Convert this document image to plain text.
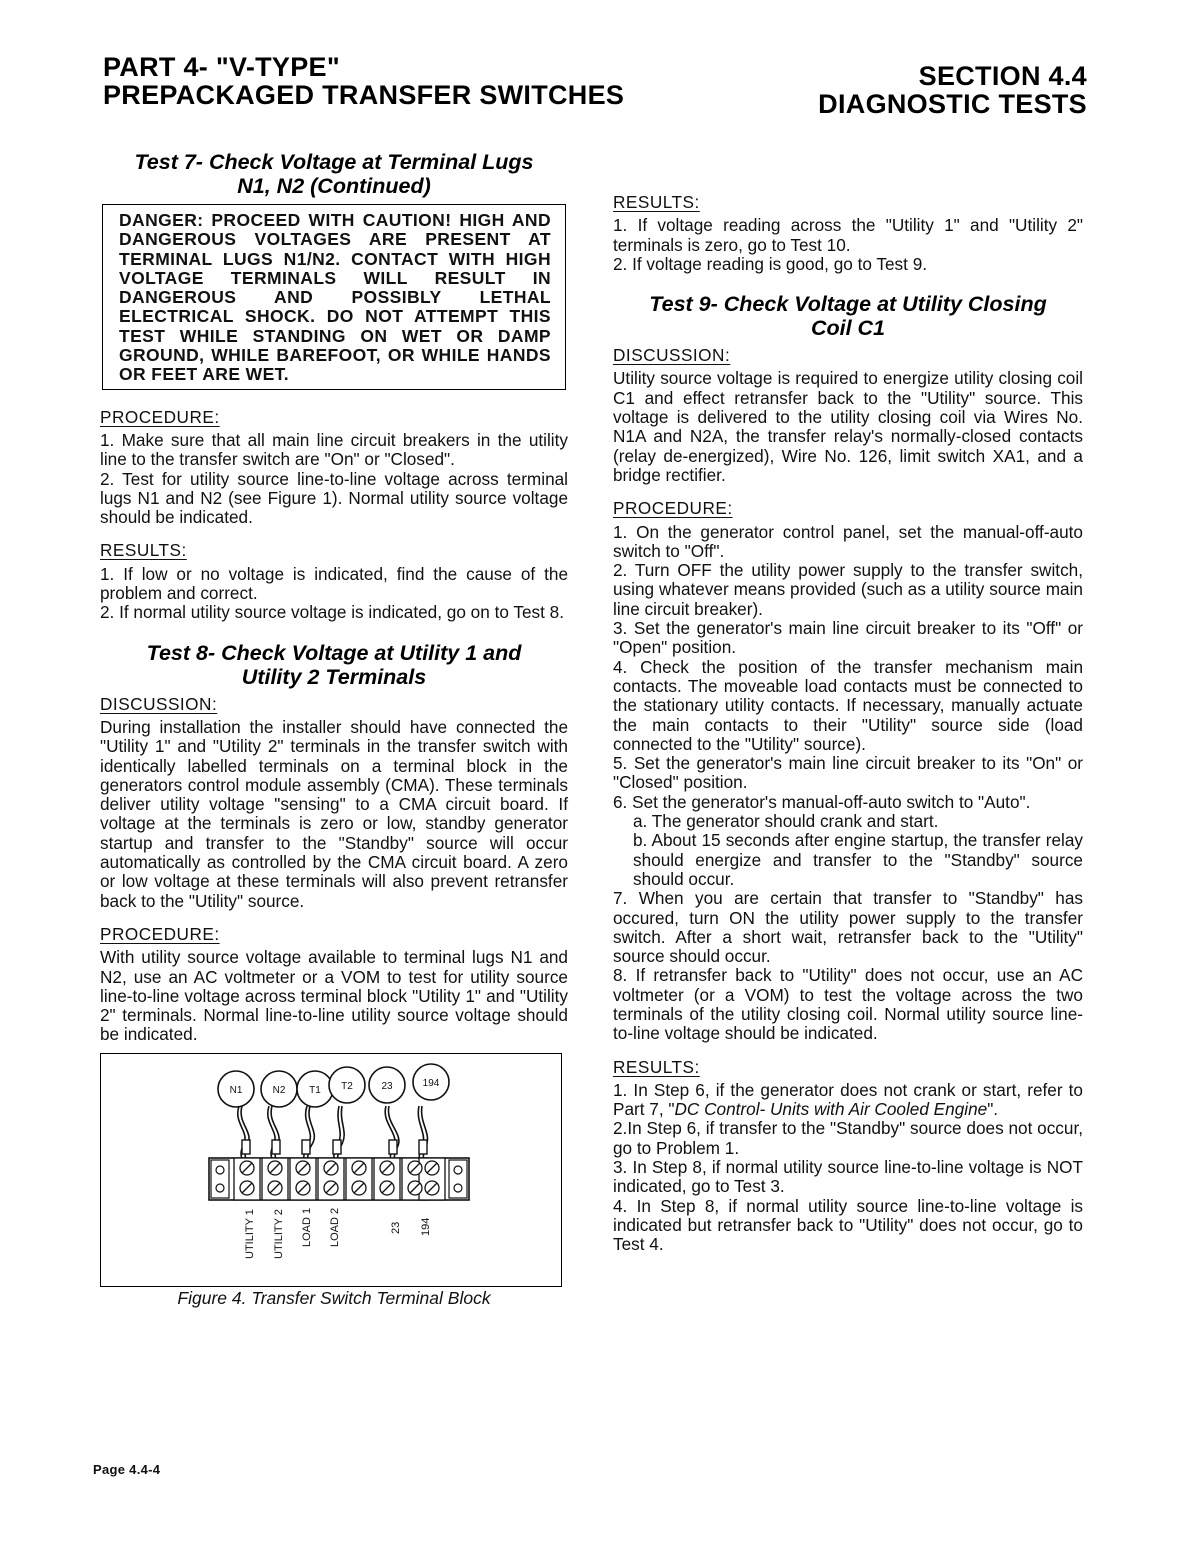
PART 4- "V-TYPE"
PREPACKAGED TRANSFER SWITCHES
SECTION 4.4
DIAGNOSTIC TESTS
Test 7- Check Voltage at Terminal Lugs
N1, N2 (Continued)
DANGER: PROCEED WITH CAUTION! HIGH AND DANGEROUS VOLTAGES ARE PRESENT AT TERMINAL LUGS N1/N2. CONTACT WITH HIGH VOLTAGE TERMINALS WILL RESULT IN DANGEROUS AND POSSIBLY LETHAL ELECTRICAL SHOCK. DO NOT ATTEMPT THIS TEST WHILE STANDING ON WET OR DAMP GROUND, WHILE BAREFOOT, OR WHILE HANDS OR FEET ARE WET.
PROCEDURE:

1. Make sure that all main line circuit breakers in the utility line to the transfer switch are "On" or "Closed".

2. Test for utility source line-to-line voltage across terminal lugs N1 and N2 (see Figure 1). Normal utility source voltage should be indicated.

RESULTS:

1. If low or no voltage is indicated, find the cause of the problem and correct.

2. If normal utility source voltage is indicated, go on to Test 8.

Test 8- Check Voltage at Utility 1 and
Utility 2 Terminals
DISCUSSION:

During installation the installer should have connected the "Utility 1" and "Utility 2" terminals in the transfer switch with identically labelled terminals on a terminal block in the generators control module assembly (CMA). These terminals deliver utility voltage "sensing" to a CMA circuit board. If voltage at the terminals is zero or low, standby generator startup and transfer to the "Standby" source will occur automatically as controlled by the CMA circuit board. A zero or low voltage at these terminals will also prevent retransfer back to the "Utility" source.

PROCEDURE:

With utility source voltage available to terminal lugs N1 and N2, use an AC voltmeter or a VOM to test for utility source line-to-line voltage across terminal block "Utility 1" and "Utility 2" terminals. Normal line-to-line utility source voltage should be indicated.

N1	N2 T1 T2	23	194
UTILITY 1 UTILITY 2 LOAD 1 LOAD 2	23 194
Figure 4. Transfer Switch Terminal Block
RESULTS:

1. If voltage reading across the "Utility 1" and "Utility 2" terminals is zero, go to Test 10.

2. If voltage reading is good, go to Test 9.

Test 9- Check Voltage at Utility Closing
Coil C1
DISCUSSION:

Utility source voltage is required to energize utility closing coil C1 and effect retransfer back to the "Utility" source. This voltage is delivered to the utility closing coil via Wires No. N1A and N2A, the transfer relay's normally-closed contacts (relay de-energized), Wire No. 126, limit switch XA1, and a bridge rectifier.

PROCEDURE:

1. On the generator control panel, set the manual-off-auto switch to "Off".

2. Turn OFF the utility power supply to the transfer switch, using whatever means provided (such as a utility source main line circuit breaker).

3. Set the generator's main line circuit breaker to its "Off" or "Open" position.

4. Check the position of the transfer mechanism main contacts. The moveable load contacts must be connected to the stationary utility contacts. If necessary, manually actuate the main contacts to their "Utility" source side (load connected to the "Utility" source).

5. Set the generator's main line circuit breaker to its "On" or "Closed" position.

6. Set the generator's manual-off-auto switch to "Auto".

a. The generator should crank and start.

b. About 15 seconds after engine startup, the transfer relay should energize and transfer to the "Standby" source should occur.

7. When you are certain that transfer to "Standby" has occured, turn ON the utility power supply to the transfer switch. After a short wait, retransfer back to the "Utility" source should occur.

8. If retransfer back to "Utility" does not occur, use an AC voltmeter (or a VOM) to test the voltage across the two terminals of the utility closing coil. Normal utility source line-to-line voltage should be indicated.

RESULTS:

1. In Step 6, if the generator does not crank or start, refer to Part 7, "DC Control- Units with Air Cooled Engine".

2.In Step 6, if transfer to the "Standby" source does not occur, go to Problem 1.

3. In Step 8, if normal utility source line-to-line voltage is NOT indicated, go to Test 3.

4. In Step 8, if normal utility source line-to-line voltage is indicated but retransfer back to "Utility" does not occur, go to Test 4.

Page 4.4-4
